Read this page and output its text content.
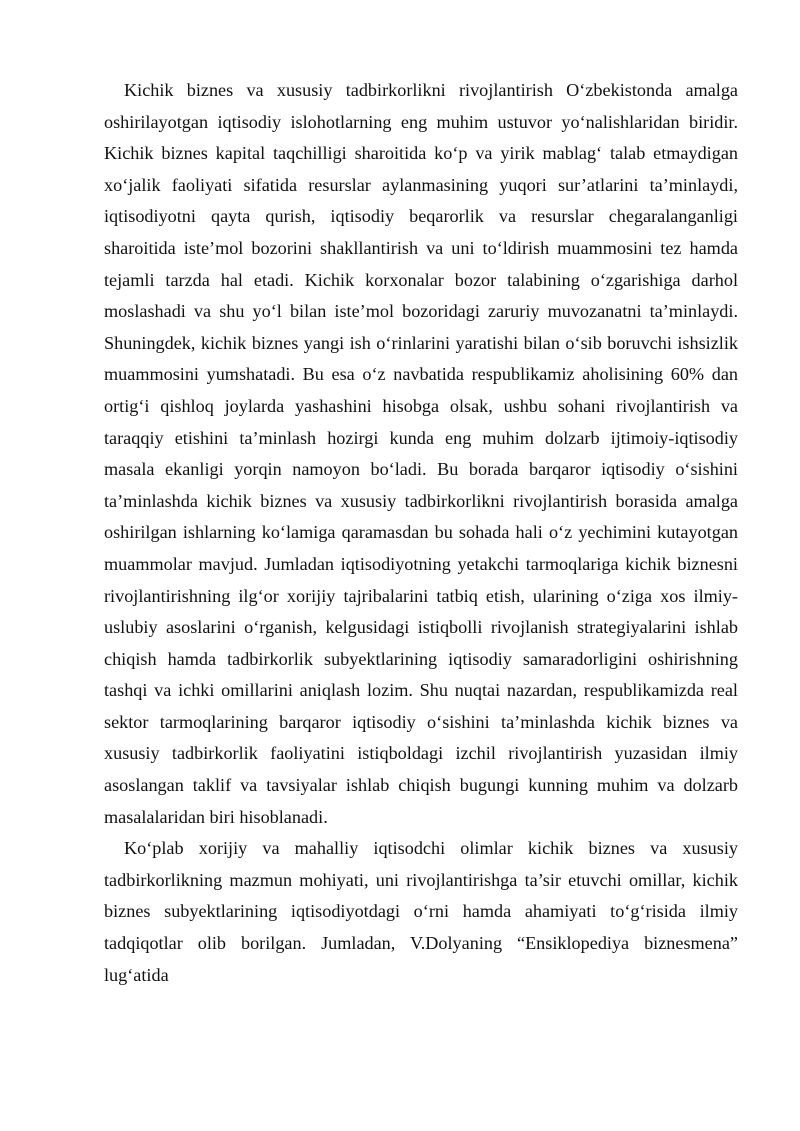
Kichik biznes va xususiy tadbirkorlikni rivojlantirish O‘zbekistonda amalga oshirilayotgan iqtisodiy islohotlarning eng muhim ustuvor yo‘nalishlaridan biridir. Kichik biznes kapital taqchilligi sharoitida ko‘p va yirik mablag‘ talab etmaydigan xo‘jalik faoliyati sifatida resurslar aylanmasining yuqori sur’atlarini ta’minlaydi, iqtisodiyotni qayta qurish, iqtisodiy beqarorlik va resurslar chegaralanganligi sharoitida iste’mol bozorini shakllantirish va uni to‘ldirish muammosini tez hamda tejamli tarzda hal etadi. Kichik korxonalar bozor talabining o‘zgarishiga darhol moslashadi va shu yo‘l bilan iste’mol bozoridagi zaruriy muvozanatni ta’minlaydi. Shuningdek, kichik biznes yangi ish o‘rinlarini yaratishi bilan o‘sib boruvchi ishsizlik muammosini yumshatadi. Bu esa o‘z navbatida respublikamiz aholisining 60% dan ortig‘i qishloq joylarda yashashini hisobga olsak, ushbu sohani rivojlantirish va taraqqiy etishini ta’minlash hozirgi kunda eng muhim dolzarb ijtimoiy-iqtisodiy masala ekanligi yorqin namoyon bo‘ladi. Bu borada barqaror iqtisodiy o‘sishini ta’minlashda kichik biznes va xususiy tadbirkorlikni rivojlantirish borasida amalga oshirilgan ishlarning ko‘lamiga qaramasdan bu sohada hali o‘z yechimini kutayotgan muammolar mavjud. Jumladan iqtisodiyotning yetakchi tarmoqlariga kichik biznesni rivojlantirishning ilg‘or xorijiy tajribalarini tatbiq etish, ularining o‘ziga xos ilmiy-uslubiy asoslarini o‘rganish, kelgusidagi istiqbolli rivojlanish strategiyalarini ishlab chiqish hamda tadbirkorlik subyektlarining iqtisodiy samaradorligini oshirishning tashqi va ichki omillarini aniqlash lozim. Shu nuqtai nazardan, respublikamizda real sektor tarmoqlarining barqaror iqtisodiy o‘sishini ta’minlashda kichik biznes va xususiy tadbirkorlik faoliyatini istiqboldagi izchil rivojlantirish yuzasidan ilmiy asoslangan taklif va tavsiyalar ishlab chiqish bugungi kunning muhim va dolzarb masalalaridan biri hisoblanadi.

Ko‘plab xorijiy va mahalliy iqtisodchi olimlar kichik biznes va xususiy tadbirkorlikning mazmun mohiyati, uni rivojlantirishga ta’sir etuvchi omillar, kichik biznes subyektlarining iqtisodiyotdagi o‘rni hamda ahamiyati to‘g‘risida ilmiy tadqiqotlar olib borilgan. Jumladan, V.Dolyaning “Ensiklopediya biznesmena” lug‘atida
